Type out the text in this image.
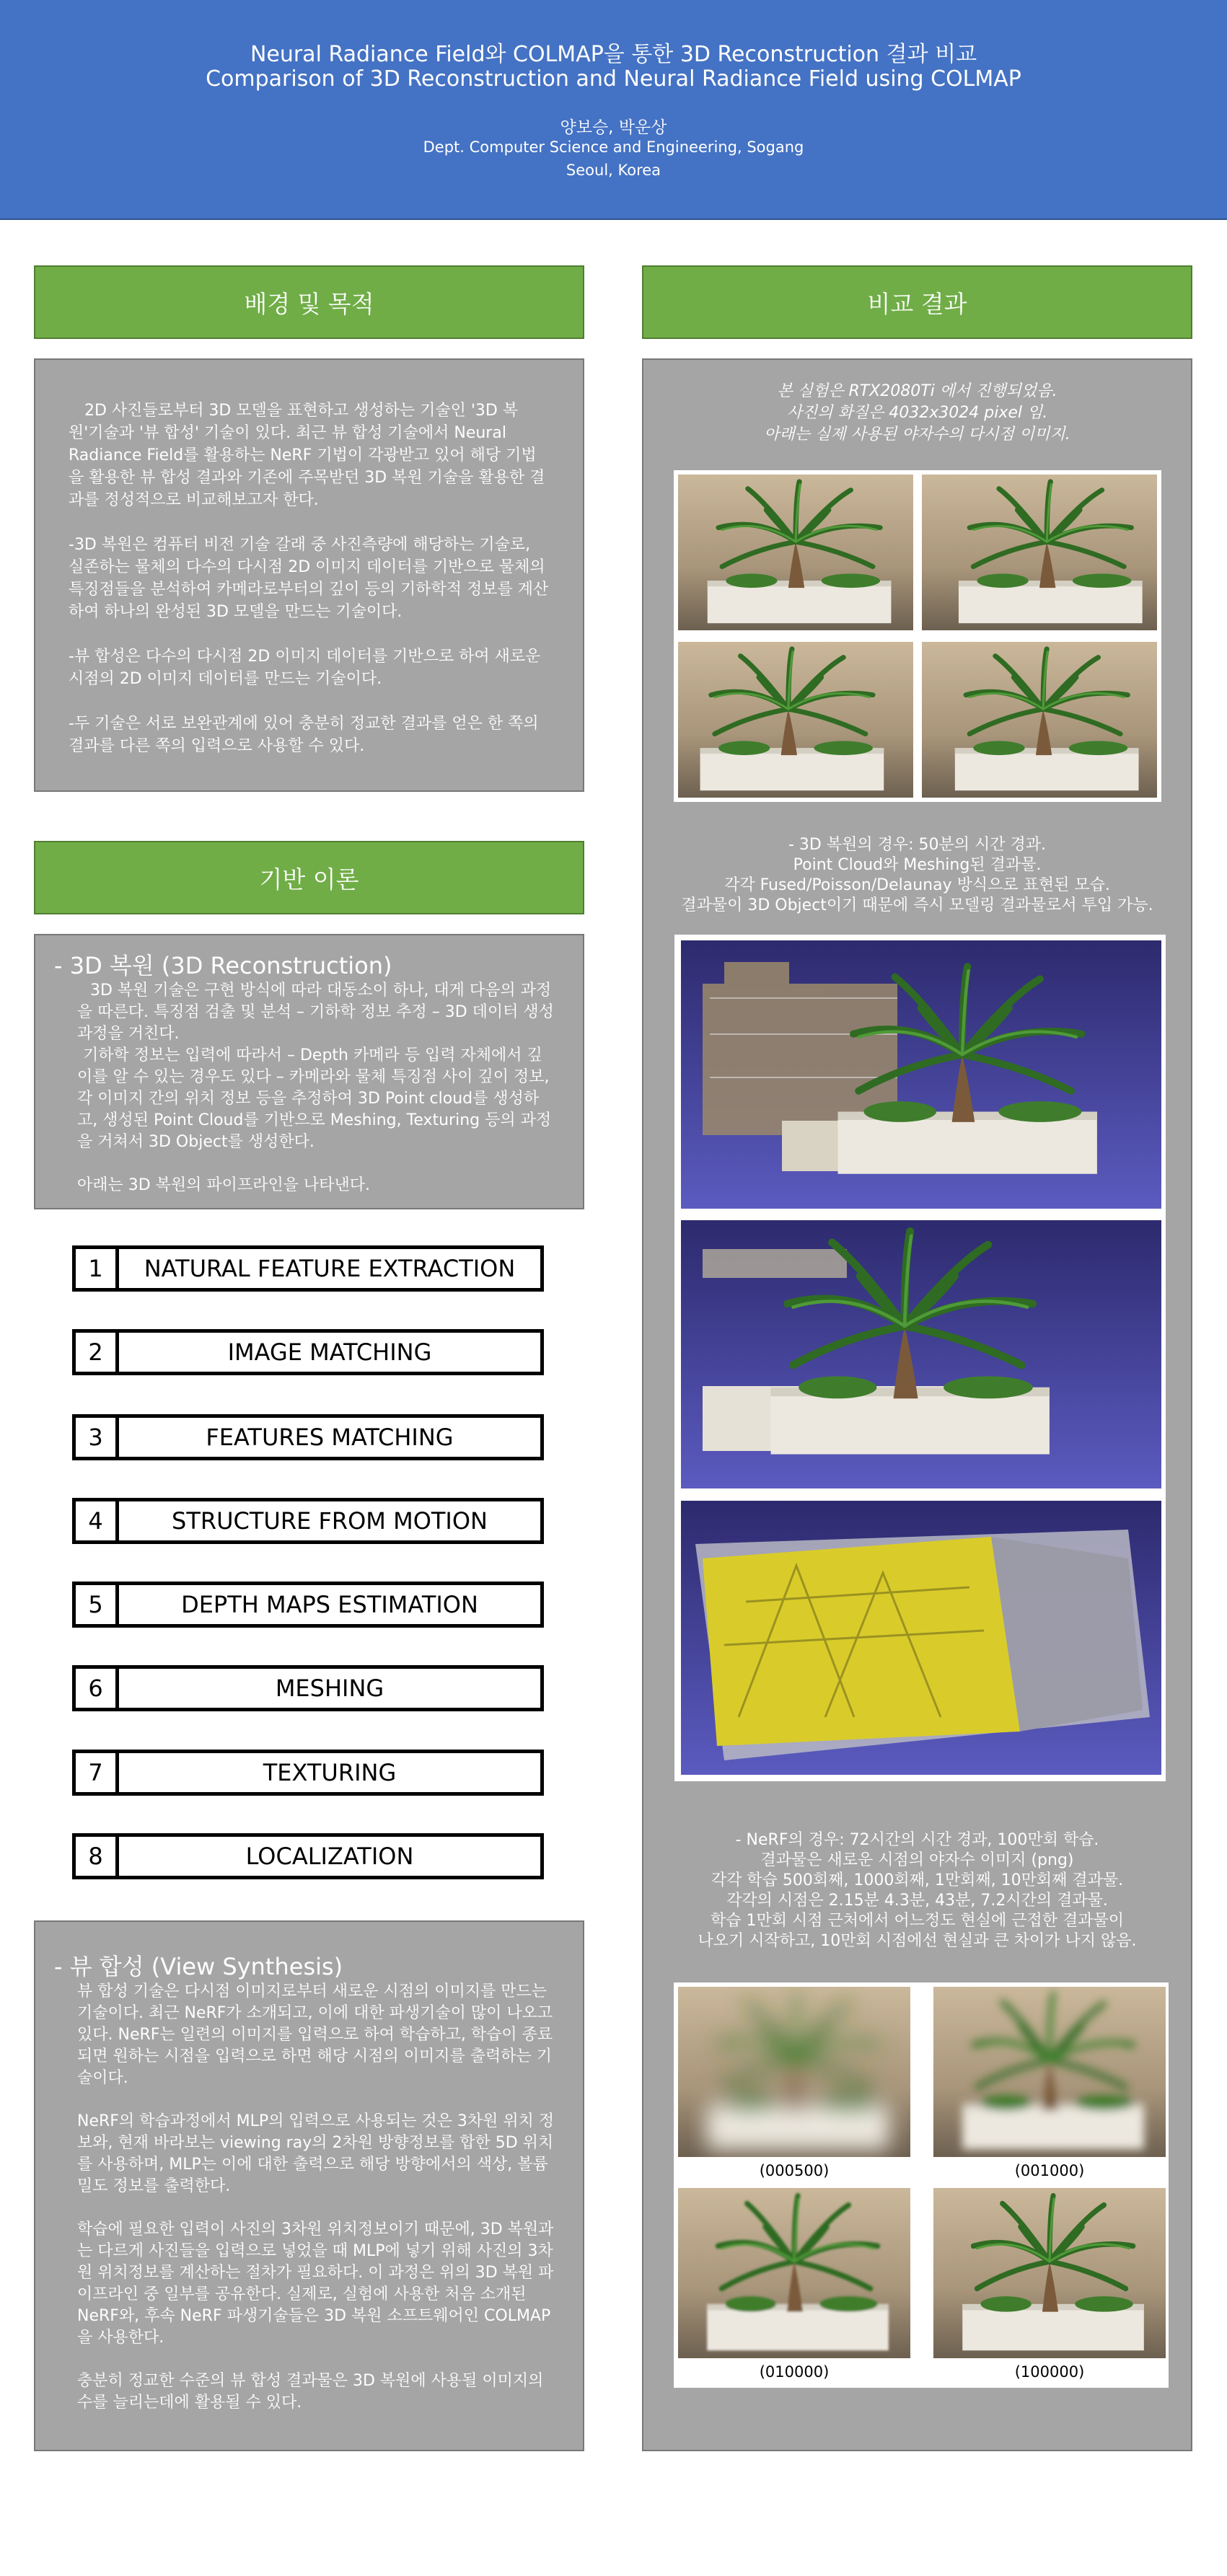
Neural Radiance Field와 COLMAP을 통한 3D Reconstruction 결과 비교
Comparison of 3D Reconstruction and Neural Radiance Field using COLMAP
양보승, 박운상
Dept. Computer Science and Engineering, Sogang
Seoul, Korea
배경 및 목적

2D 사진들로부터 3D 모델을 표현하고 생성하는 기술인 '3D 복원'기술과 '뷰 합성' 기술이 있다. 최근 뷰 합성 기술에서 Neural Radiance Field를 활용하는 NeRF 기법이 각광받고 있어 해당 기법을 활용한 뷰 합성 결과와 기존에 주목받던 3D 복원 기술을 활용한 결과를 정성적으로 비교해보고자 한다.

-3D 복원은 컴퓨터 비전 기술 갈래 중 사진측량에 해당하는 기술로, 실존하는 물체의 다수의 다시점 2D 이미지 데이터를 기반으로 물체의 특징점들을 분석하여 카메라로부터의 깊이 등의 기하학적 정보를 계산하여 하나의 완성된 3D 모델을 만드는 기술이다.

-뷰 합성은 다수의 다시점 2D 이미지 데이터를 기반으로 하여 새로운 시점의 2D 이미지 데이터를 만드는 기술이다.

-두 기술은 서로 보완관계에 있어 충분히 정교한 결과를 얻은 한 쪽의 결과를 다른 쪽의 입력으로 사용할 수 있다.

기반 이론
- 3D 복원 (3D Reconstruction)

3D 복원 기술은 구현 방식에 따라 대동소이 하나, 대게 다음의 과정을 따른다. 특징점 검출 및 분석 – 기하학 정보 추정 – 3D 데이터 생성 과정을 거친다.

기하학 정보는 입력에 따라서 – Depth 카메라 등 입력 자체에서 깊이를 알 수 있는 경우도 있다 – 카메라와 물체 특징점 사이 깊이 정보, 각 이미지 간의 위치 정보 등을 추정하여 3D Point cloud를 생성하고, 생성된 Point Cloud를 기반으로 Meshing, Texturing 등의 과정을 거쳐서 3D Object를 생성한다.

아래는 3D 복원의 파이프라인을 나타낸다.

1	NATURAL FEATURE EXTRACTION
2	IMAGE MATCHING
3	FEATURES MATCHING
4	STRUCTURE FROM MOTION
5	DEPTH MAPS ESTIMATION
6	MESHING
7	TEXTURING
8	LOCALIZATION
- 뷰 합성 (View Synthesis)

뷰 합성 기술은 다시점 이미지로부터 새로운 시점의 이미지를 만드는 기술이다. 최근 NeRF가 소개되고, 이에 대한 파생기술이 많이 나오고 있다. NeRF는 일련의 이미지를 입력으로 하여 학습하고, 학습이 종료되면 원하는 시점을 입력으로 하면 해당 시점의 이미지를 출력하는 기술이다.

NeRF의 학습과정에서 MLP의 입력으로 사용되는 것은 3차원 위치 정보와, 현재 바라보는 viewing ray의 2차원 방향정보를 합한 5D 위치를 사용하며, MLP는 이에 대한 출력으로 해당 방향에서의 색상, 볼륨밀도 정보를 출력한다.

학습에 필요한 입력이 사진의 3차원 위치정보이기 때문에, 3D 복원과는 다르게 사진들을 입력으로 넣었을 때 MLP에 넣기 위해 사진의 3차원 위치정보를 계산하는 절차가 필요하다. 이 과정은 위의 3D 복원 파이프라인 중 일부를 공유한다. 실제로, 실험에 사용한 처음 소개된 NeRF와, 후속 NeRF 파생기술들은 3D 복원 소프트웨어인 COLMAP을 사용한다.

충분히 정교한 수준의 뷰 합성 결과물은 3D 복원에 사용될 이미지의 수를 늘리는데에 활용될 수 있다.

비교 결과
본 실험은 RTX2080Ti 에서 진행되었음.
사진의 화질은 4032x3024 pixel 임.
아래는 실제 사용된 야자수의 다시점 이미지.
- 3D 복원의 경우: 50분의 시간 경과.
Point Cloud와 Meshing된 결과물.
각각 Fused/Poisson/Delaunay 방식으로 표현된 모습.
결과물이 3D Object이기 때문에 즉시 모델링 결과물로서 투입 가능.
- NeRF의 경우: 72시간의 시간 경과, 100만회 학습.
결과물은 새로운 시점의 야자수 이미지 (png)
각각 학습 500회째, 1000회째, 1만회째, 10만회째 결과물.
각각의 시점은 2.15분 4.3분, 43분, 7.2시간의 결과물.
학습 1만회 시점 근처에서 어느정도 현실에 근접한 결과물이
나오기 시작하고, 10만회 시점에선 현실과 큰 차이가 나지 않음.
(000500)	(001000)
(010000)	(100000)
